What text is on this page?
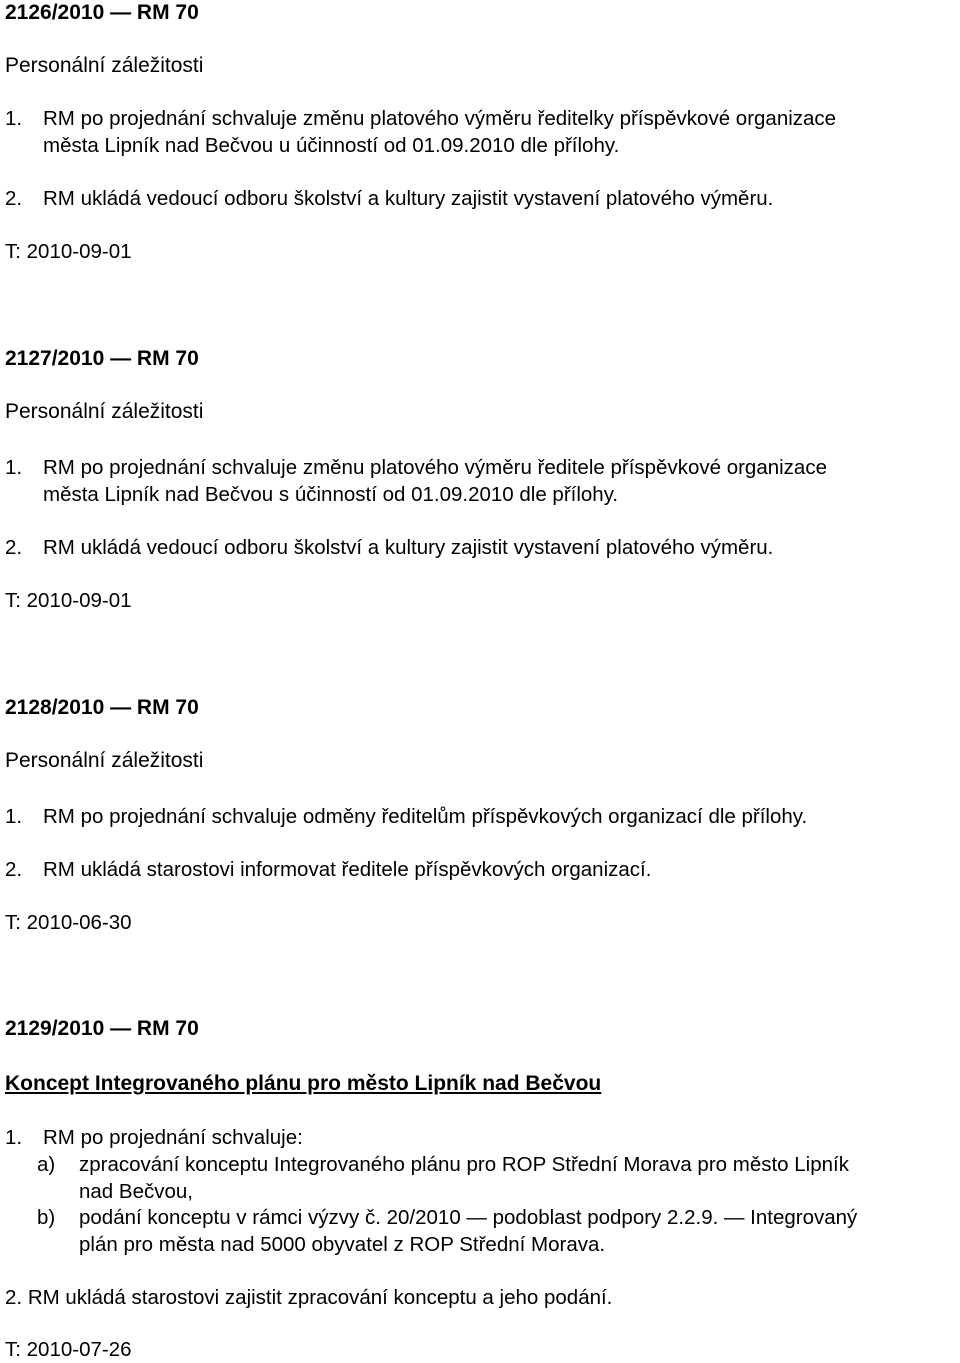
2126/2010 — RM 70
Personální záležitosti
1. RM po projednání schvaluje změnu platového výměru ředitelky příspěvkové organizace
města Lipník nad Bečvou u účinností od 01.09.2010 dle přílohy.
2. RM ukládá vedoucí odboru školství a kultury zajistit vystavení platového výměru.
T: 2010-09-01
2127/2010 — RM 70
Personální záležitosti
1. RM po projednání schvaluje změnu platového výměru ředitele příspěvkové organizace
města Lipník nad Bečvou s účinností od 01.09.2010 dle přílohy.
2. RM ukládá vedoucí odboru školství a kultury zajistit vystavení platového výměru.
T: 2010-09-01
2128/2010 — RM 70
Personální záležitosti
1. RM po projednání schvaluje odměny ředitelům příspěvkových organizací dle přílohy.
2. RM ukládá starostovi informovat ředitele příspěvkových organizací.
T: 2010-06-30
2129/2010 — RM 70
Koncept Integrovaného plánu pro město Lipník nad Bečvou
1. RM po projednání schvaluje:
a) zpracování konceptu Integrovaného plánu pro ROP Střední Morava pro město Lipník
nad Bečvou,
b) podání konceptu v rámci výzvy č. 20/2010 — podoblast podpory 2.2.9. — Integrovaný
plán pro města nad 5000 obyvatel z ROP Střední Morava.
2. RM ukládá starostovi zajistit zpracování konceptu a jeho podání.
T: 2010-07-26
